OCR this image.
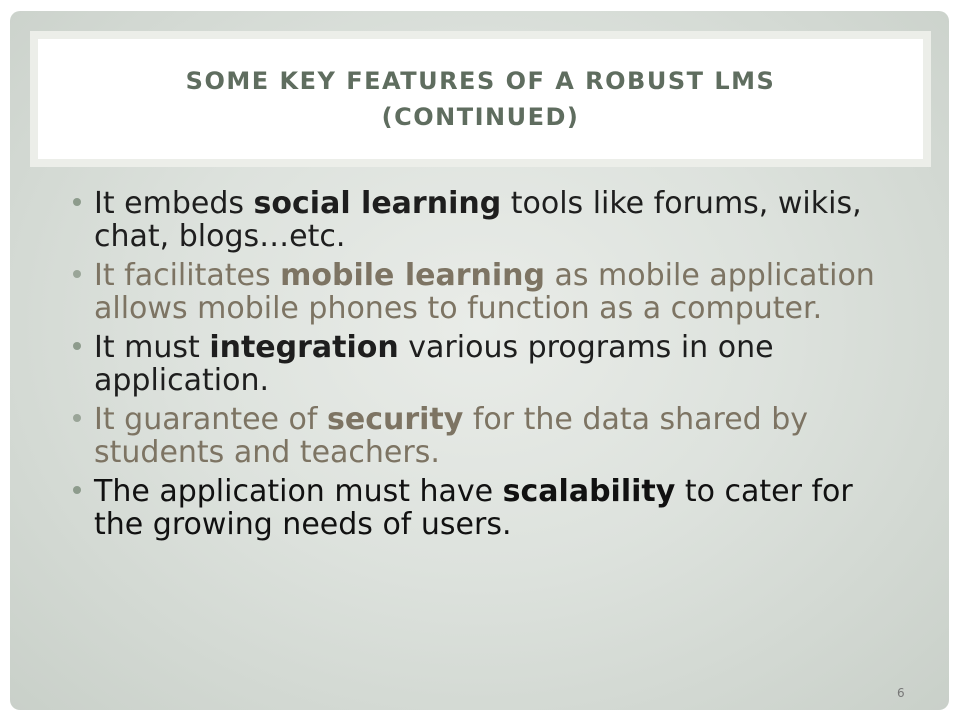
SOME KEY FEATURES OF A ROBUST LMS
(CONTINUED)
It embeds social learning tools like forums, wikis, chat, blogs…etc.
It facilitates mobile learning as mobile application allows mobile phones to function as a computer.
It must integration various programs in one application.
It guarantee of security for the data shared by students and teachers.
The application must have scalability to cater for the growing needs of users.
6
